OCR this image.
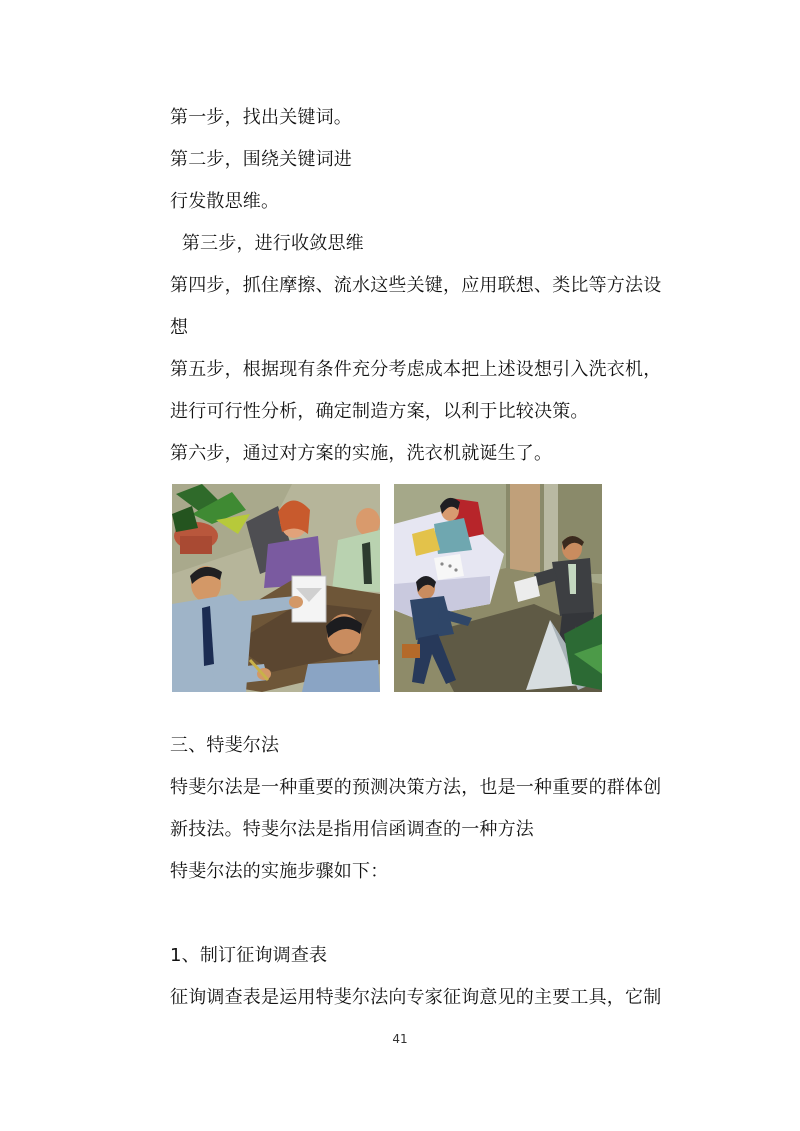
第一步，找出关键词。
第二步，围绕关键词进
行发散思维。
第三步，进行收敛思维
第四步，抓住摩擦、流水这些关键，应用联想、类比等方法设
想
第五步，根据现有条件充分考虑成本把上述设想引入洗衣机，
进行可行性分析，确定制造方案，以利于比较决策。
第六步，通过对方案的实施，洗衣机就诞生了。
三、特斐尔法
特斐尔法是一种重要的预测决策方法，也是一种重要的群体创
新技法。特斐尔法是指用信函调查的一种方法
特斐尔法的实施步骤如下：
1、制订征询调查表
征询调查表是运用特斐尔法向专家征询意见的主要工具，它制
41
